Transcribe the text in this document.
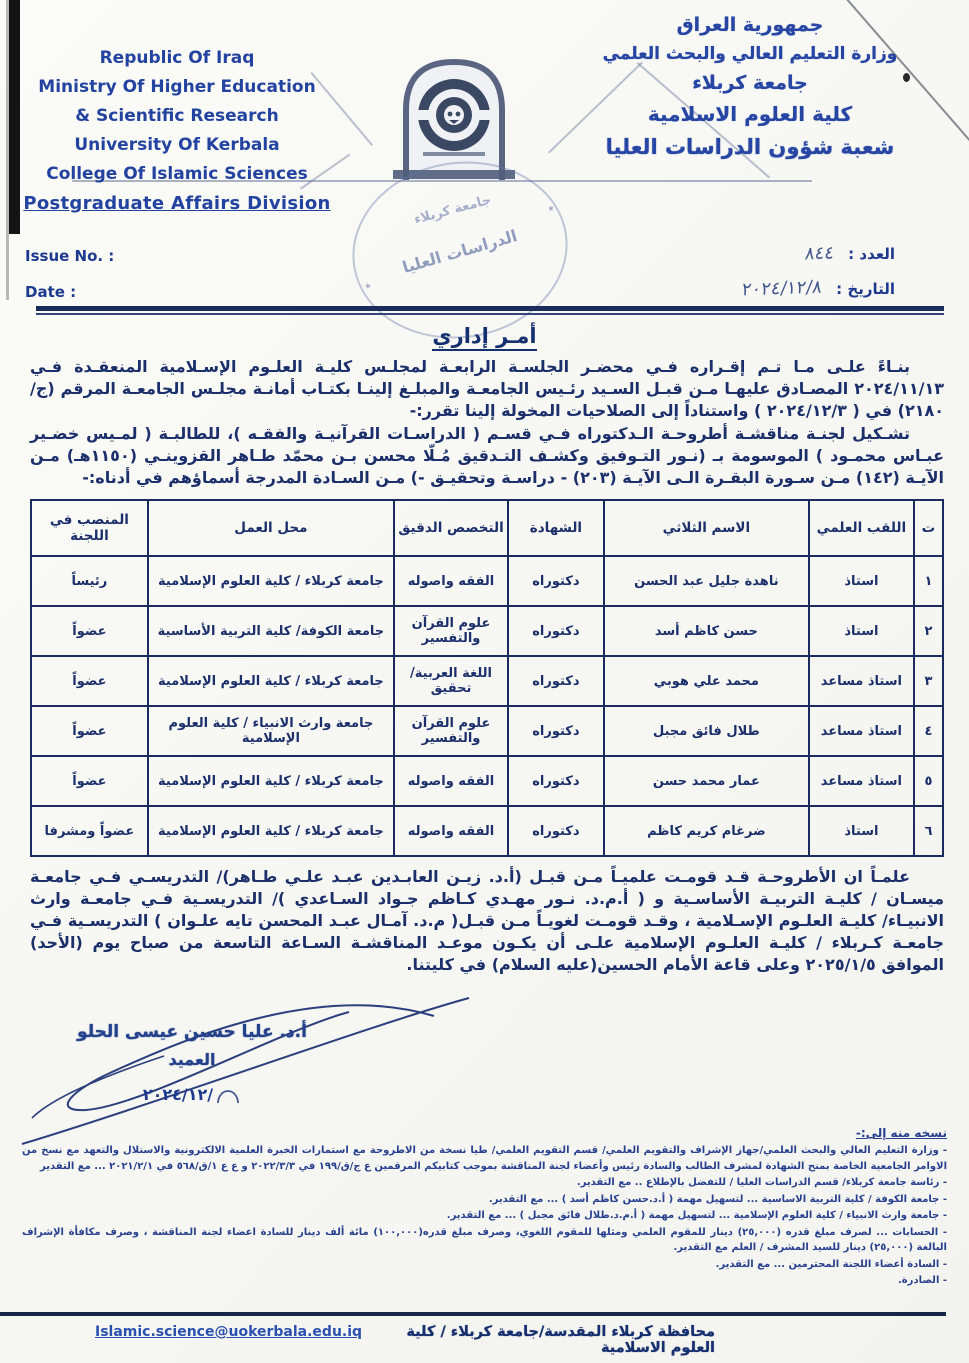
Republic Of Iraq
Ministry Of Higher Education
& Scientific Research
University Of Kerbala
College Of Islamic Sciences
Postgraduate Affairs Division
Issue No. :
Date :
جامعة كربلاء
الدراسات العليا
٭
٭
جمهورية العراق
وزارة التعليم العالي والبحث العلمي
جامعة كربلاء
كلية العلوم الاسلامية
شعبة شؤون الدراسات العليا
العدد :
٨٤٤
التاريخ :
٢٠٢٤/١٢/٨
أمـر إداري

بنـاءً علـى مـا تـم إقـراره فـي محضـر الجلسـة الرابعـة لمجلـس كليـة العلـوم الإسـلامية المنعقـدة فـي ٢٠٢٤/١١/١٣ المصـادق عليهـا مـن قبـل السـيد رئـيس الجامعـة والمبلـغ إلينـا بكتـاب أمانـة مجلـس الجامعـة المرقم (ج/ ٢١٨٠) في ( ٢٠٢٤/١٢/٣ ) واستناداً إلى الصلاحيات المخولة إلينا تقرر:-

تشـكيل لجنـة مناقشـة أطروحـة الـدكتوراه فـي قسـم ( الدراسـات القرآنيـة والفقـه )، للطالبـة ( لمـيس خضـير عبـاس محمـود ) الموسومة بـ (نـور التـوفيق وكشـف التـدقيق مُـلّا محسن بـن محمّد طـاهر القزوينـي (١١٥٠هـ) مـن الآيـة (١٤٢) مـن سـورة البقـرة الـى الآيـة (٢٠٣) - دراسـة وتحقيـق -) مـن السـادة المدرجة أسماؤهم في أدناه:-

ت	اللقب العلمي	الاسم الثلاثي	الشهادة	التخصص الدقيق	محل العمل	المنصب في اللجنة
١	استاذ	ناهدة جليل عبد الحسن	دكتوراه	الفقه واصوله	جامعة كربلاء / كلية العلوم الإسلامية	رئيساً
٢	استاذ	حسن كاظم أسد	دكتوراه	علوم القرآن والتفسير	جامعة الكوفة/ كلية التربية الأساسية	عضواً
٣	استاذ مساعد	محمد علي هوبي	دكتوراه	اللغة العربية/ تحقيق	جامعة كربلاء / كلية العلوم الإسلامية	عضواً
٤	استاذ مساعد	طلال فائق مجبل	دكتوراه	علوم القرآن والتفسير	جامعة وارث الانبياء / كلية العلوم الإسلامية	عضواً
٥	استاذ مساعد	عمار محمد حسن	دكتوراه	الفقه واصوله	جامعة كربلاء / كلية العلوم الإسلامية	عضواً
٦	استاذ	ضرغام كريم كاظم	دكتوراه	الفقه واصوله	جامعة كربلاء / كلية العلوم الإسلامية	عضواً ومشرفا

علمـاً ان الأطروحـة قـد قومـت علميـاً مـن قبـل (أ.د. زيـن العابـدين عبـد علـي طـاهر)/ التدريسـي فـي جامعـة ميسـان / كليـة التربيـة الأساسـية و ( أ.م.د. نـور مهـدي كـاظم جـواد السـاعدي )/ التدريسـية فـي جامعـة وارث الانبيـاء/ كليـة العلـوم الإسـلامية ، وقـد قومـت لغويـاً مـن قبـل( م.د. آمـال عبـد المحسن تايه علـوان ) التدريسـية فـي جامعـة كـربلاء / كليـة العلـوم الإسلامية علـى أن يكـون موعـد المناقشـة السـاعة التاسعة من صباح يوم (الأحد) الموافق ٢٠٢٥/١/٥ وعلى قاعة الأمام الحسين(عليه السلام) في كليتنا.

أ.د. عليا حسين عيسى الحلو
العميد
٢٠٢٤/١٢/
نسخه منه إلى:-
- وزارة التعليم العالي والبحث العلمي/جهاز الإشراف والتقويم العلمي/ قسم التقويم العلمي/ طيا نسخة من الاطروحة مع استمارات الخبرة العلمية الالكترونية والاستلال والتعهد مع نسخ من الاوامر الجامعية الخاصة بمنح الشهادة لمشرف الطالب والسادة رئيس وأعضاء لجنة المناقشة بموجب كتابيكم المرقمين ع ج/ق/١٩٩ في ٢٠٢٢/٣/٣ و ع ع ١/ق/٥٦٨ في ٢٠٢١/٢/١ ... مع التقدير
- رئاسة جامعة كربلاء/ قسم الدراسات العليا / للتفضل بالإطلاع .. مع التقدير.
- جامعة الكوفة / كلية التربية الاساسية ... لتسهيل مهمة ( أ.د.حسن كاظم أسد ) ... مع التقدير.
- جامعة وارث الانبياء / كلية العلوم الإسلامية ... لتسهيل مهمة ( أ.م.د.طلال فائق مجبل ) ... مع التقدير.
- الحسابات ... لصرف مبلغ قدره (٢٥,٠٠٠) دينار للمقوم العلمي ومثلها للمقوم اللغوي، وصرف مبلغ قدره(١٠٠,٠٠٠) مائة ألف دينار للسادة اعضاء لجنة المناقشة ، وصرف مكافأة الإشراف البالغة (٢٥,٠٠٠) دينار للسيد المشرف / العلم مع التقدير.
- السادة أعضاء اللجنة المحترمين ... مع التقدير.
- الصادرة.
Islamic.science@uokerbala.edu.iq	محافظة كربلاء المقدسة/جامعة كربلاء / كلية العلوم الاسلامية
